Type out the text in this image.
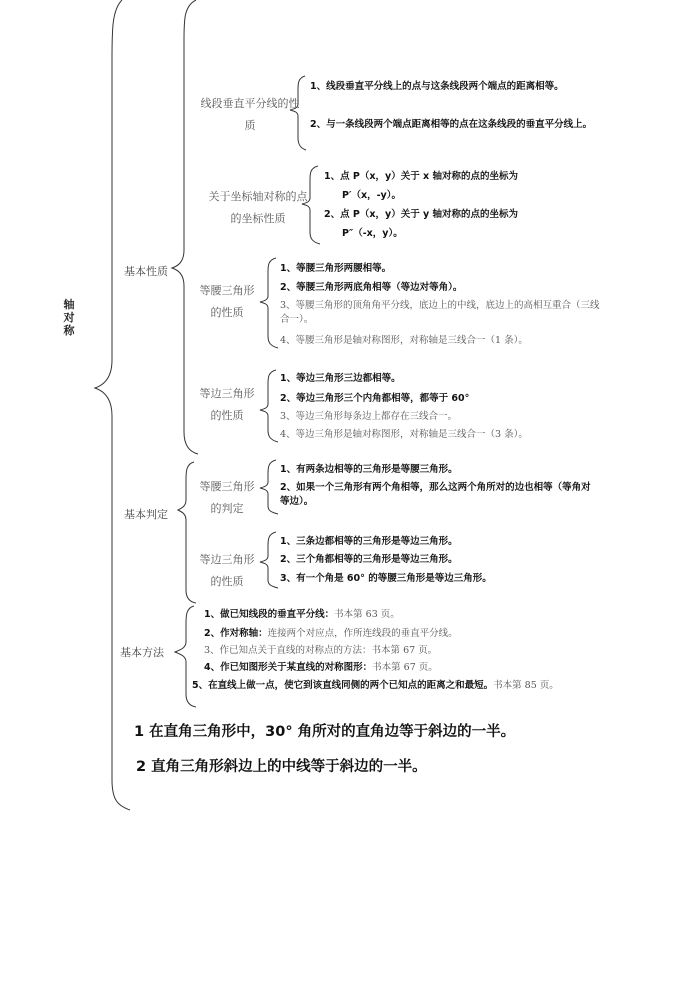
轴对称
基本性质
基本判定
基本方法
线段垂直平分线的性质
关于坐标轴对称的点的坐标性质
等腰三角形的性质
等边三角形的性质
等腰三角形的判定
等边三角形的性质
1、线段垂直平分线上的点与这条线段两个端点的距离相等。
2、与一条线段两个端点距离相等的点在这条线段的垂直平分线上。
1、点 P（x，y）关于 x 轴对称的点的坐标为
P′（x，-y）。
2、点 P（x，y）关于 y 轴对称的点的坐标为
P″（-x，y）。
1、等腰三角形两腰相等。
2、等腰三角形两底角相等（等边对等角）。
3、等腰三角形的顶角角平分线，底边上的中线，底边上的高相互重合（三线合一）。
4、等腰三角形是轴对称图形，对称轴是三线合一（1 条）。
1、等边三角形三边都相等。
2、等边三角形三个内角都相等，都等于 60°
3、等边三角形每条边上都存在三线合一。
4、等边三角形是轴对称图形，对称轴是三线合一（3 条）。
1、有两条边相等的三角形是等腰三角形。
2、如果一个三角形有两个角相等，那么这两个角所对的边也相等（等角对等边）。
1、三条边都相等的三角形是等边三角形。
2、三个角都相等的三角形是等边三角形。
3、有一个角是 60° 的等腰三角形是等边三角形。
1、做已知线段的垂直平分线：书本第 63 页。
2、作对称轴：连接两个对应点，作所连线段的垂直平分线。
3、作已知点关于直线的对称点的方法：书本第 67 页。
4、作已知图形关于某直线的对称图形：书本第 67 页。
5、在直线上做一点，使它到该直线同侧的两个已知点的距离之和最短。书本第 85 页。
1 在直角三角形中，30° 角所对的直角边等于斜边的一半。
2 直角三角形斜边上的中线等于斜边的一半。
